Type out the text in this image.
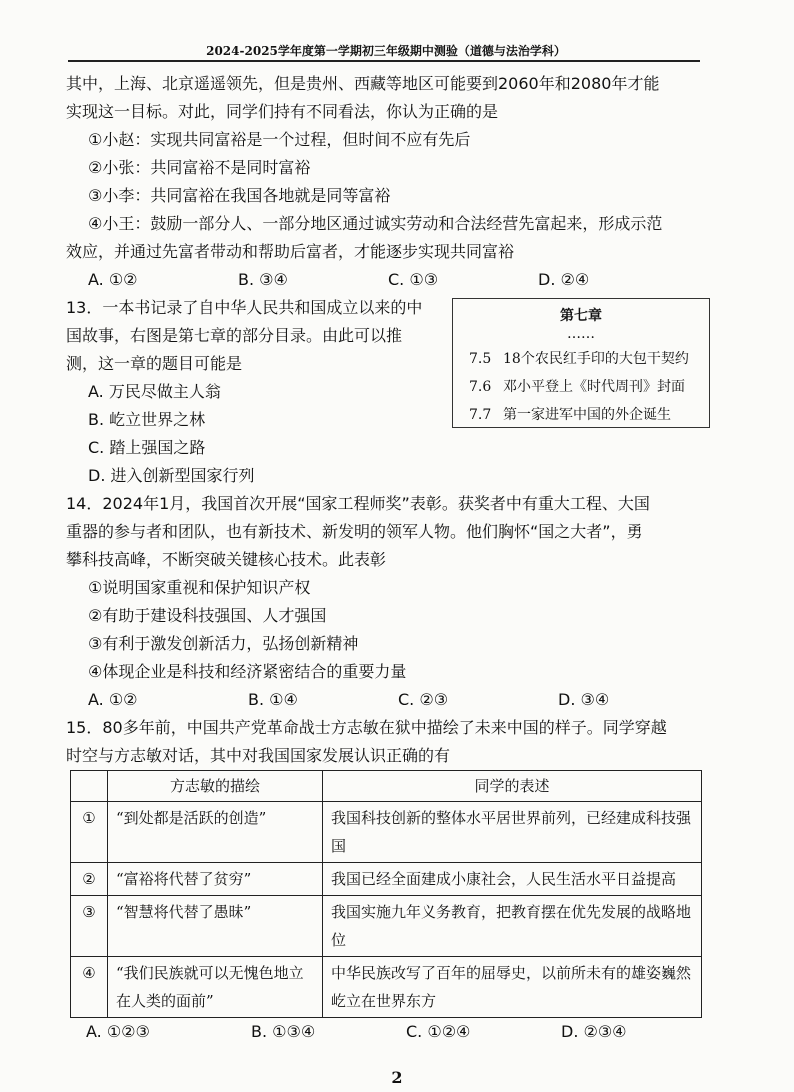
2024-2025学年度第一学期初三年级期中测验（道德与法治学科）
其中，上海、北京遥遥领先，但是贵州、西藏等地区可能要到2060年和2080年才能
实现这一目标。对此，同学们持有不同看法，你认为正确的是
①小赵：实现共同富裕是一个过程，但时间不应有先后
②小张：共同富裕不是同时富裕
③小李：共同富裕在我国各地就是同等富裕
④小王：鼓励一部分人、一部分地区通过诚实劳动和合法经营先富起来，形成示范
效应，并通过先富者带动和帮助后富者，才能逐步实现共同富裕
A. ①②	B. ③④	C. ①③	D. ②④
13．一本书记录了自中华人民共和国成立以来的中
国故事，右图是第七章的部分目录。由此可以推
测，这一章的题目可能是
A. 万民尽做主人翁
B. 屹立世界之林
C. 踏上强国之路
D. 进入创新型国家行列
第七章
……
7.5 18个农民红手印的大包干契约
7.6 邓小平登上《时代周刊》封面
7.7 第一家进军中国的外企诞生
14．2024年1月，我国首次开展“国家工程师奖”表彰。获奖者中有重大工程、大国
重器的参与者和团队，也有新技术、新发明的领军人物。他们胸怀“国之大者”，勇
攀科技高峰，不断突破关键核心技术。此表彰
①说明国家重视和保护知识产权
②有助于建设科技强国、人才强国
③有利于激发创新活力，弘扬创新精神
④体现企业是科技和经济紧密结合的重要力量
A. ①②	B. ①④	C. ②③	D. ③④
15．80多年前，中国共产党革命战士方志敏在狱中描绘了未来中国的样子。同学穿越
时空与方志敏对话，其中对我国国家发展认识正确的有
	方志敏的描绘	同学的表述
①	“到处都是活跃的创造”	我国科技创新的整体水平居世界前列，已经建成科技强国
②	“富裕将代替了贫穷”	我国已经全面建成小康社会，人民生活水平日益提高
③	“智慧将代替了愚昧”	我国实施九年义务教育，把教育摆在优先发展的战略地位
④	“我们民族就可以无愧色地立在人类的面前”	中华民族改写了百年的屈辱史，以前所未有的雄姿巍然屹立在世界东方
A. ①②③	B. ①③④	C. ①②④	D. ②③④
2
